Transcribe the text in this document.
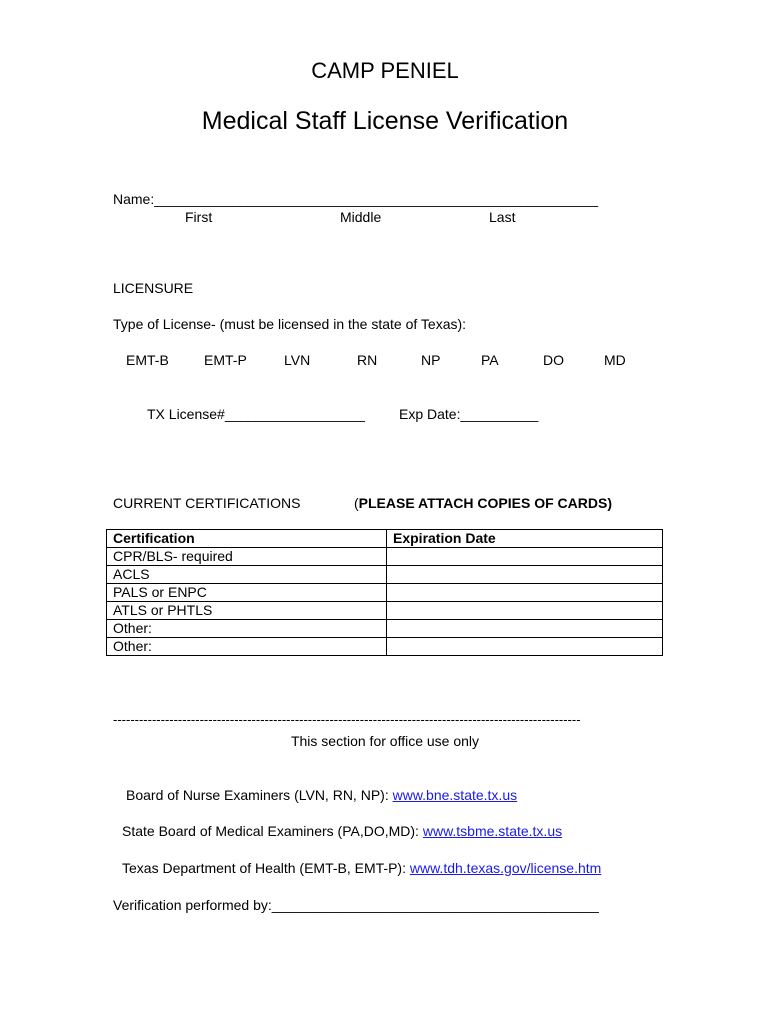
CAMP PENIEL
Medical Staff License Verification
Name:_________________________________________________________
First	Middle	Last
LICENSURE
Type of License- (must be licensed in the state of Texas):
EMT-B	EMT-P	LVN	RN	NP	PA	DO	MD
TX License#__________________ Exp Date:__________
CURRENT CERTIFICATIONS	(PLEASE ATTACH COPIES OF CARDS)
Certification	Expiration Date
CPR/BLS- required	
ACLS	
PALS or ENPC	
ATLS or PHTLS	
Other:	
Other:	
------------------------------------------------------------------------------------------------------------
This section for office use only
Board of Nurse Examiners (LVN, RN, NP): www.bne.state.tx.us
State Board of Medical Examiners (PA,DO,MD): www.tsbme.state.tx.us
Texas Department of Health (EMT-B, EMT-P): www.tdh.texas.gov/license.htm
Verification performed by:__________________________________________
